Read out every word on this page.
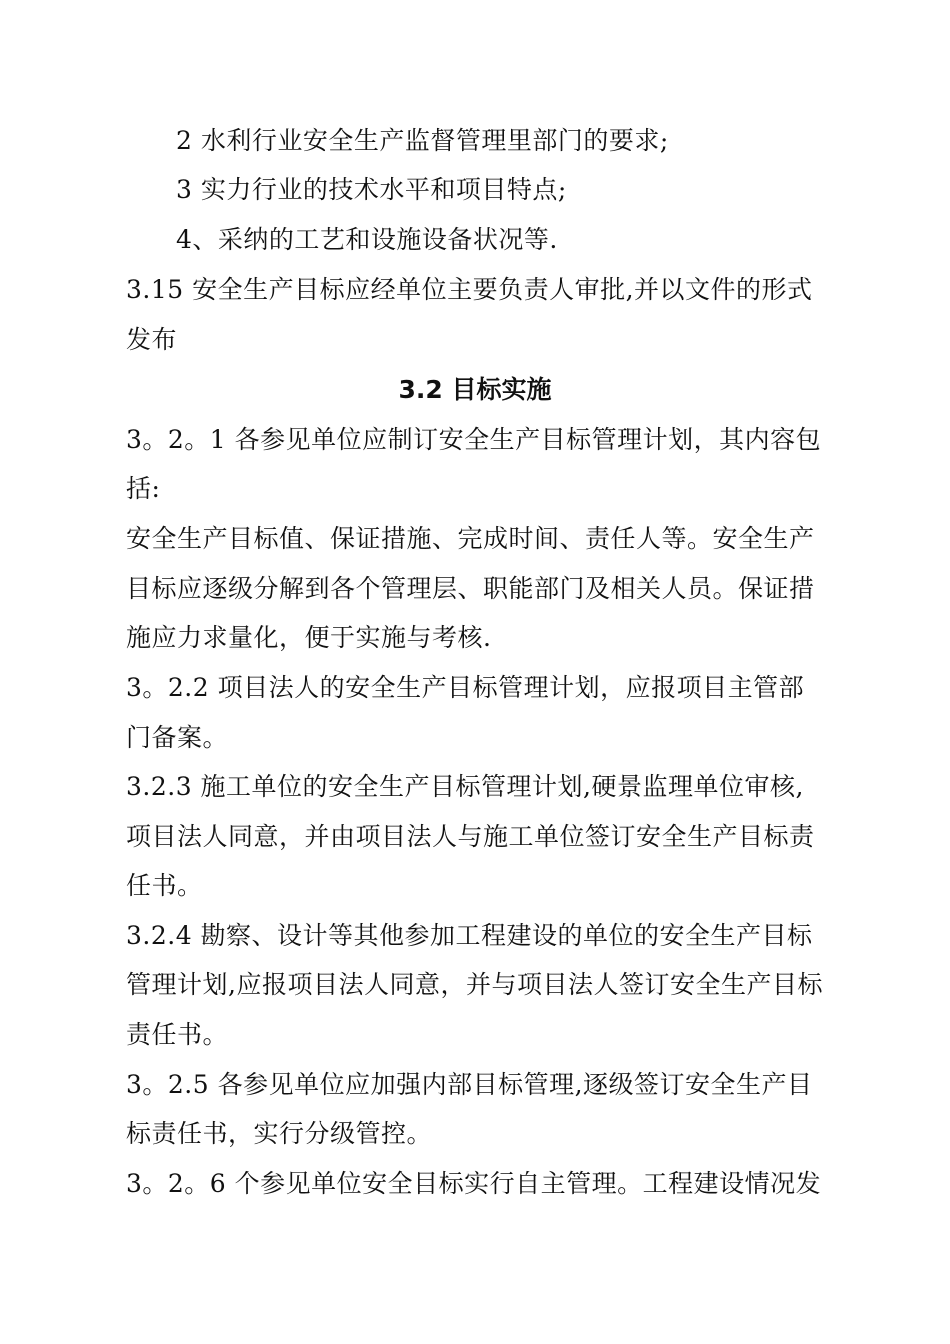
2 水利行业安全生产监督管理里部门的要求;
3 实力行业的技术水平和项目特点;
4、采纳的工艺和设施设备状况等.
3.15 安全生产目标应经单位主要负责人审批,并以文件的形式
发布
3.2 目标实施
3。2。1 各参见单位应制订安全生产目标管理计划，其内容包
括:
安全生产目标值、保证措施、完成时间、责任人等。安全生产
目标应逐级分解到各个管理层、职能部门及相关人员。保证措
施应力求量化，便于实施与考核.
3。2.2 项目法人的安全生产目标管理计划，应报项目主管部
门备案。
3.2.3 施工单位的安全生产目标管理计划,硬景监理单位审核,
项目法人同意，并由项目法人与施工单位签订安全生产目标责
任书。
3.2.4 勘察、设计等其他参加工程建设的单位的安全生产目标
管理计划,应报项目法人同意，并与项目法人签订安全生产目标
责任书。
3。2.5 各参见单位应加强内部目标管理,逐级签订安全生产目
标责任书，实行分级管控。
3。2。6 个参见单位安全目标实行自主管理。工程建设情况发
